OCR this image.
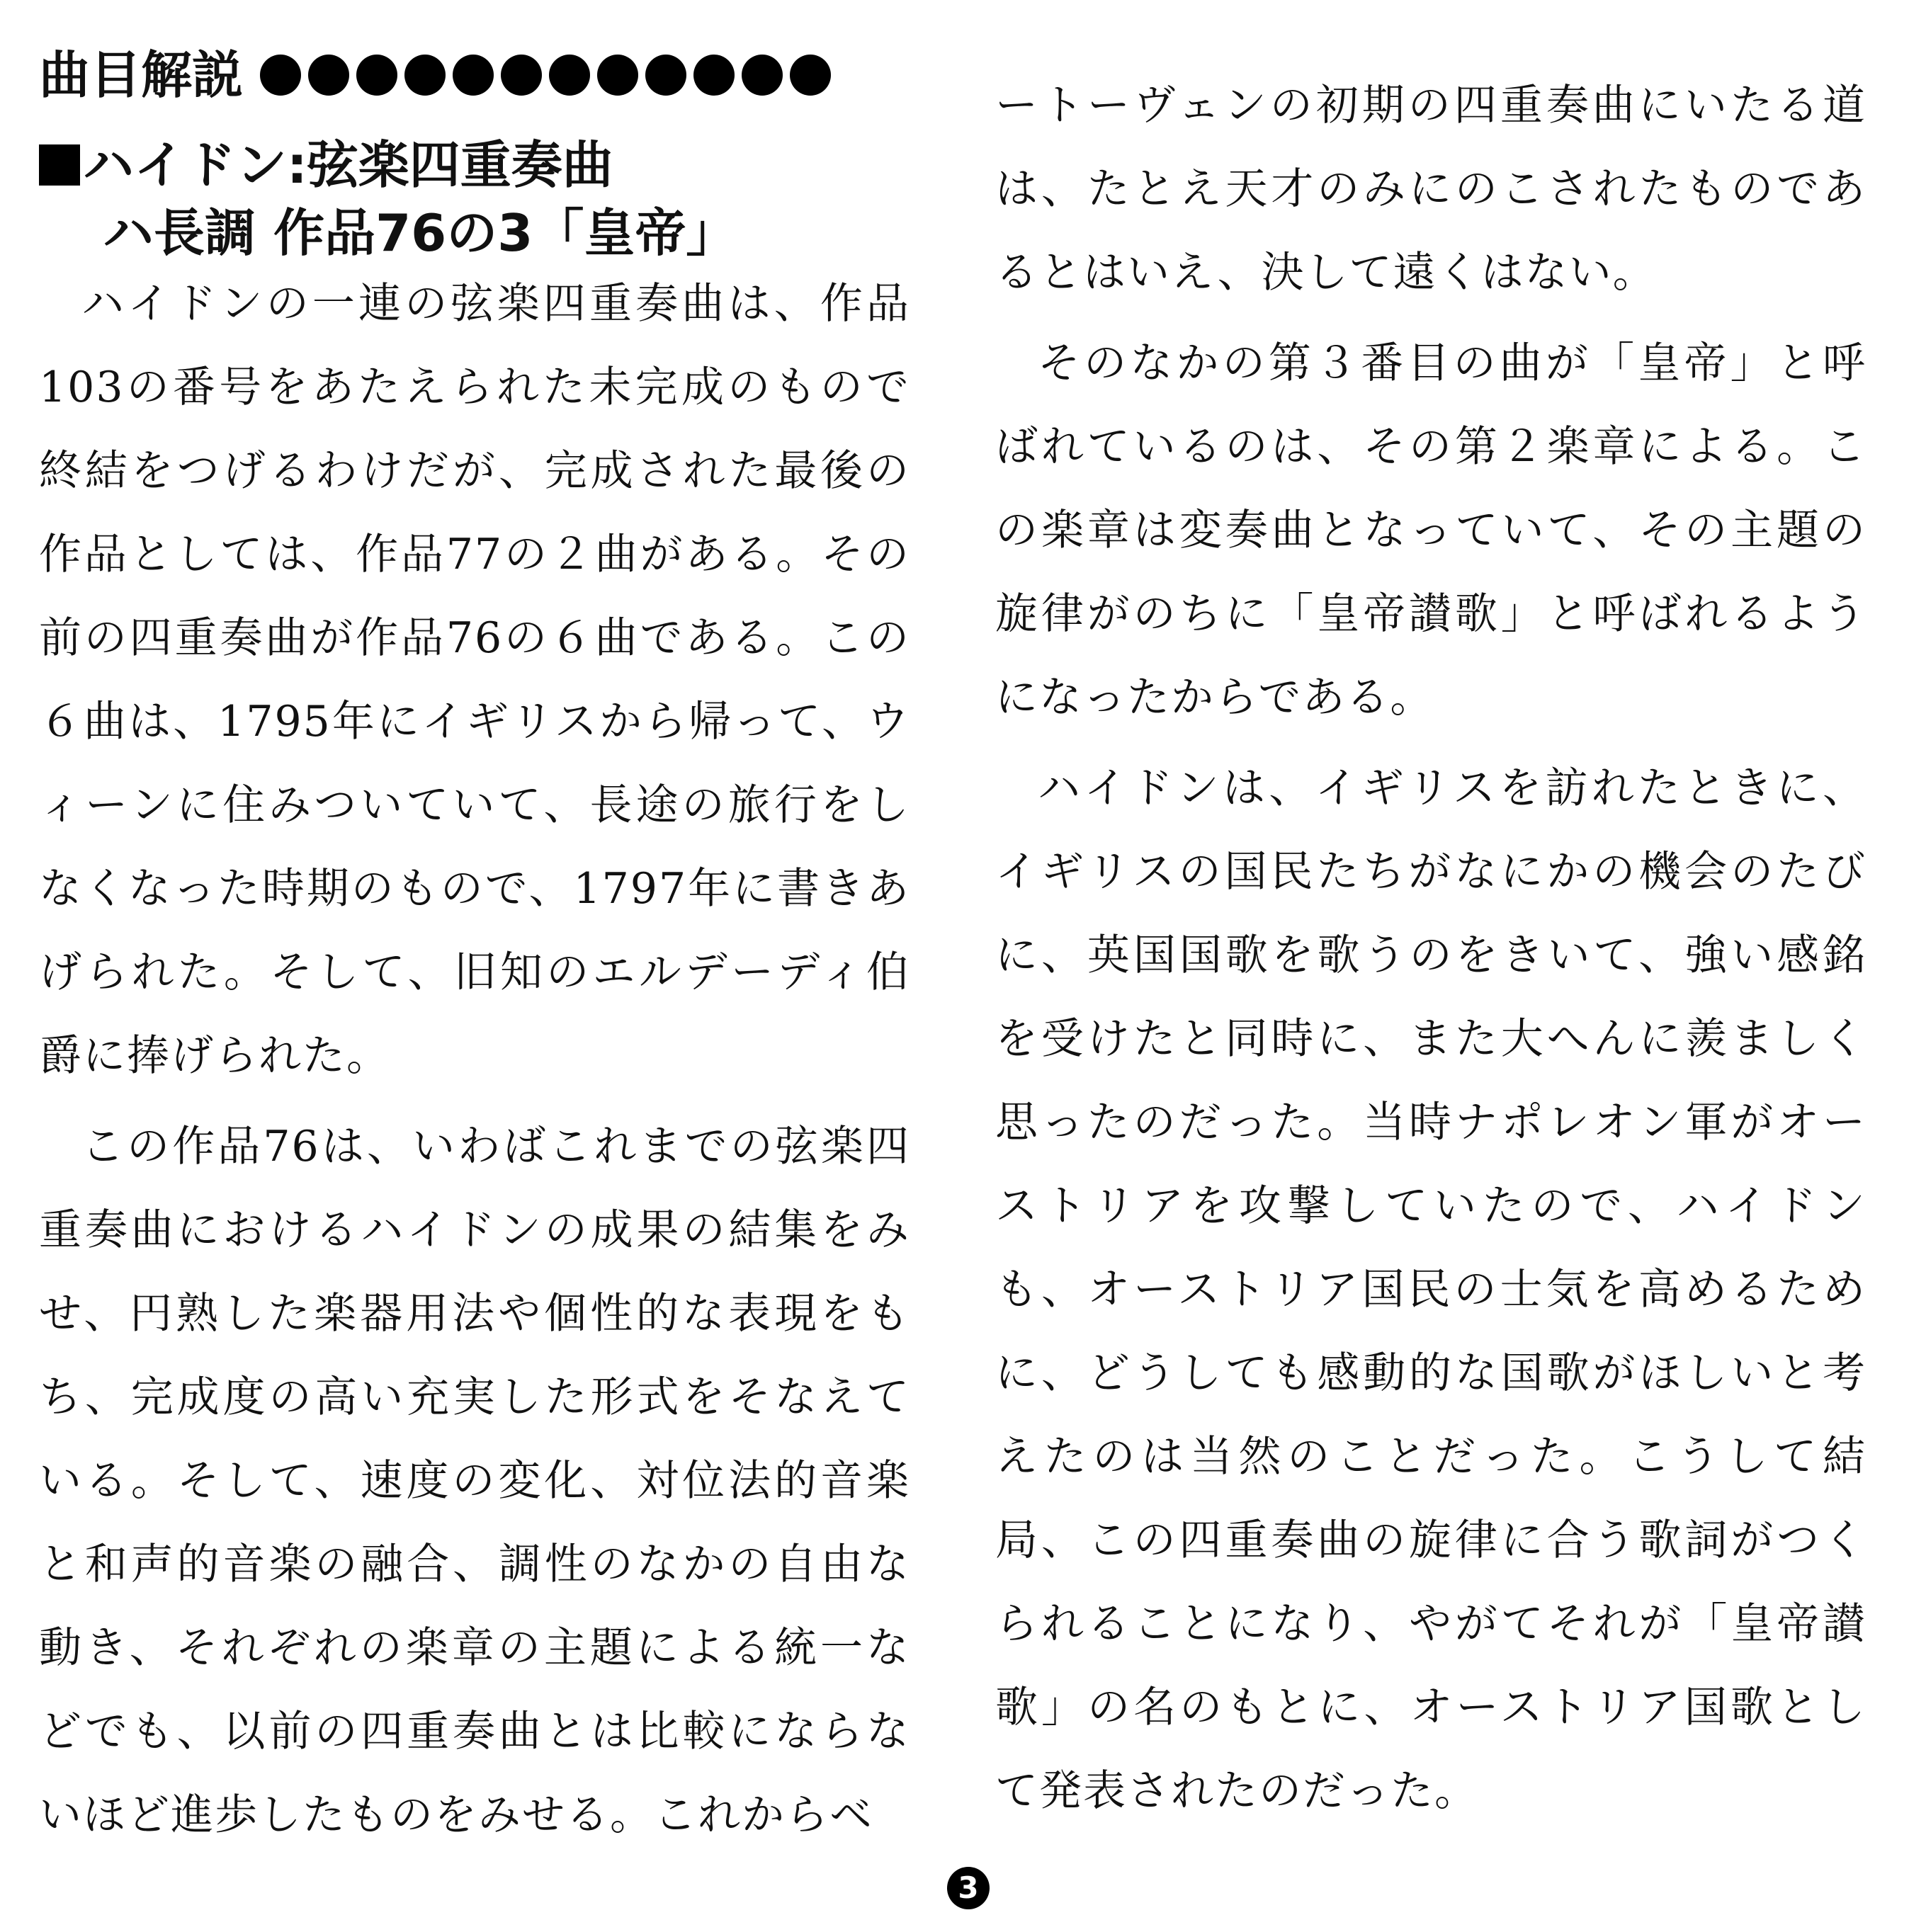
曲目解説
ハイドン:弦楽四重奏曲
ハ長調 作品76の3「皇帝」

ハイドンの一連の弦楽四重奏曲は、作品103の番号をあたえられた未完成のもので終結をつげるわけだが、完成された最後の作品としては、作品77の２曲がある。その前の四重奏曲が作品76の６曲である。この６曲は、1795年にイギリスから帰って、ウィーンに住みついていて、長途の旅行をしなくなった時期のもので、1797年に書きあげられた。そして、旧知のエルデーディ伯爵に捧げられた。

この作品76は、いわばこれまでの弦楽四重奏曲におけるハイドンの成果の結集をみせ、円熟した楽器用法や個性的な表現をもち、完成度の高い充実した形式をそなえている。そして、速度の変化、対位法的音楽と和声的音楽の融合、調性のなかの自由な動き、それぞれの楽章の主題による統一などでも、以前の四重奏曲とは比較にならないほど進歩したものをみせる。これからベ

ートーヴェンの初期の四重奏曲にいたる道は、たとえ天才のみにのこされたものであるとはいえ、決して遠くはない。

そのなかの第３番目の曲が「皇帝」と呼ばれているのは、その第２楽章による。この楽章は変奏曲となっていて、その主題の旋律がのちに「皇帝讃歌」と呼ばれるようになったからである。

ハイドンは、イギリスを訪れたときに、イギリスの国民たちがなにかの機会のたびに、英国国歌を歌うのをきいて、強い感銘を受けたと同時に、また大へんに羨ましく思ったのだった。当時ナポレオン軍がオーストリアを攻撃していたので、ハイドンも、オーストリア国民の士気を高めるために、どうしても感動的な国歌がほしいと考えたのは当然のことだった。こうして結局、この四重奏曲の旋律に合う歌詞がつくられることになり、やがてそれが「皇帝讃歌」の名のもとに、オーストリア国歌として発表されたのだった。

3
